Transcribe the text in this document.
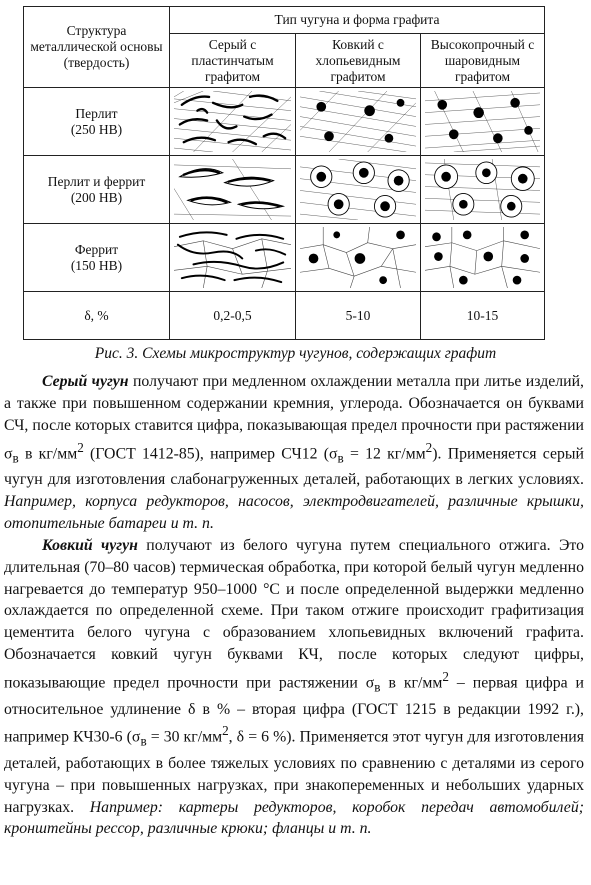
Структура металлической основы (твердость)	Тип чугуна и форма графита		
	Серый с пластинчатым графитом	Ковкий с хлопьевидным графитом	Высокопрочный с шаровидным графитом

Перлит
(250 HB)

Перлит и феррит
(200 HB)

Феррит
(150 HB)

δ, %	0,2-0,5	5-10	10-15
Рис. 3. Схемы микроструктур чугунов, содержащих графит

Серый чугун получают при медленном охлаждении металла при литье изделий, а также при повышенном содержании кремния, углерода. Обозначается он буквами СЧ, после которых ставится цифра, показывающая предел прочности при растяжении $\sigma_в$ в $кг/мм^2$ (ГОСТ 1412-85), например СЧ12 ($\sigma_в = 12$ $кг/мм^2$). Применяется серый чугун для изготовления слабонагруженных деталей, работающих в легких условиях. Например, корпуса редукторов, насосов, электродвигателей, различные крышки, отопительные батареи и т. п.

Ковкий чугун получают из белого чугуна путем специального отжига. Это длительная (70–80 часов) термическая обработка, при которой белый чугун медленно нагревается до температур 950–1000 °С и после определенной выдержки медленно охлаждается по определенной схеме. При таком отжиге происходит графитизация цементита белого чугуна с образованием хлопьевидных включений графита. Обозначается ковкий чугун буквами КЧ, после которых следуют цифры, показывающие предел прочности при растяжении $\sigma_в$ в $кг/мм^2$ – первая цифра и относительное удлинение δ в % – вторая цифра (ГОСТ 1215 в редакции 1992 г.), например КЧ30-6 ($\sigma_в = 30$ $кг/мм^2$, δ = 6 %). Применяется этот чугун для изготовления деталей, работающих в более тяжелых условиях по сравнению с деталями из серого чугуна – при повышенных нагрузках, при знакопеременных и небольших ударных нагрузках. Например: картеры редукторов, коробок передач автомобилей; кронштейны рессор, различные крюки; фланцы и т. п.
